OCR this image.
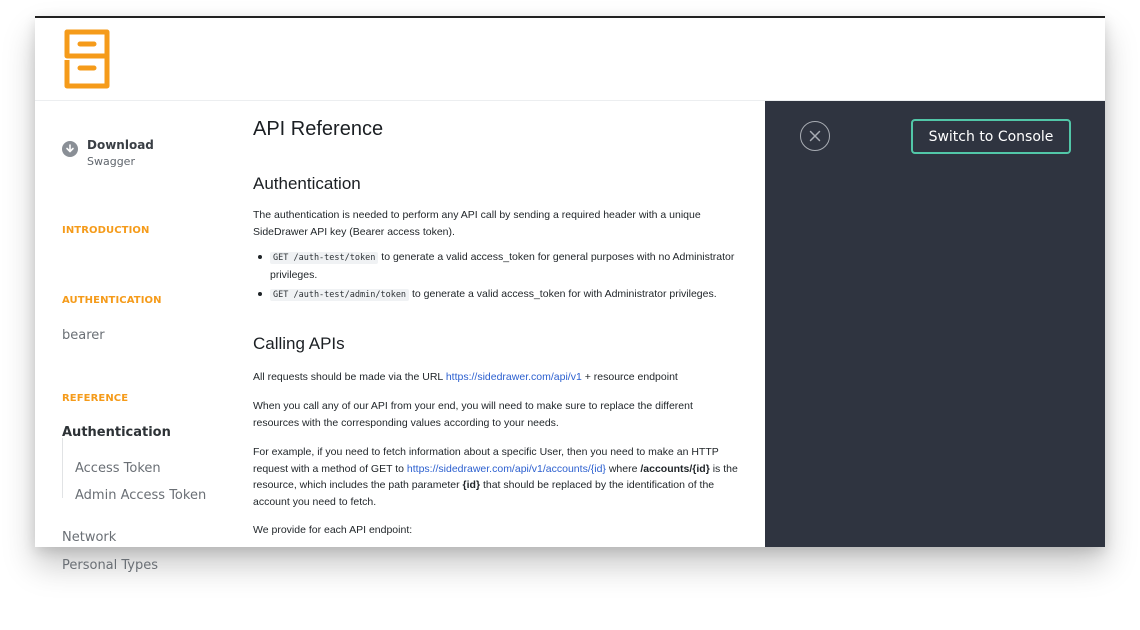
Download
Swagger
INTRODUCTION
AUTHENTICATION
bearer
REFERENCE
Authentication
Access Token
Admin Access Token
Network
Personal Types
API Reference
Authentication
The authentication is needed to perform any API call by sending a required header with a unique SideDrawer API key (Bearer access token).
GET /auth-test/token to generate a valid access_token for general purposes with no Administrator privileges.
GET /auth-test/admin/token to generate a valid access_token for with Administrator privileges.
Calling APIs
All requests should be made via the URL https://sidedrawer.com/api/v1 + resource endpoint
When you call any of our API from your end, you will need to make sure to replace the different resources with the corresponding values according to your needs.
For example, if you need to fetch information about a specific User, then you need to make an HTTP request with a method of GET to https://sidedrawer.com/api/v1/accounts/{id} where /accounts/{id} is the resource, which includes the path parameter {id} that should be replaced by the identification of the account you need to fetch.
We provide for each API endpoint:
Switch to Console
